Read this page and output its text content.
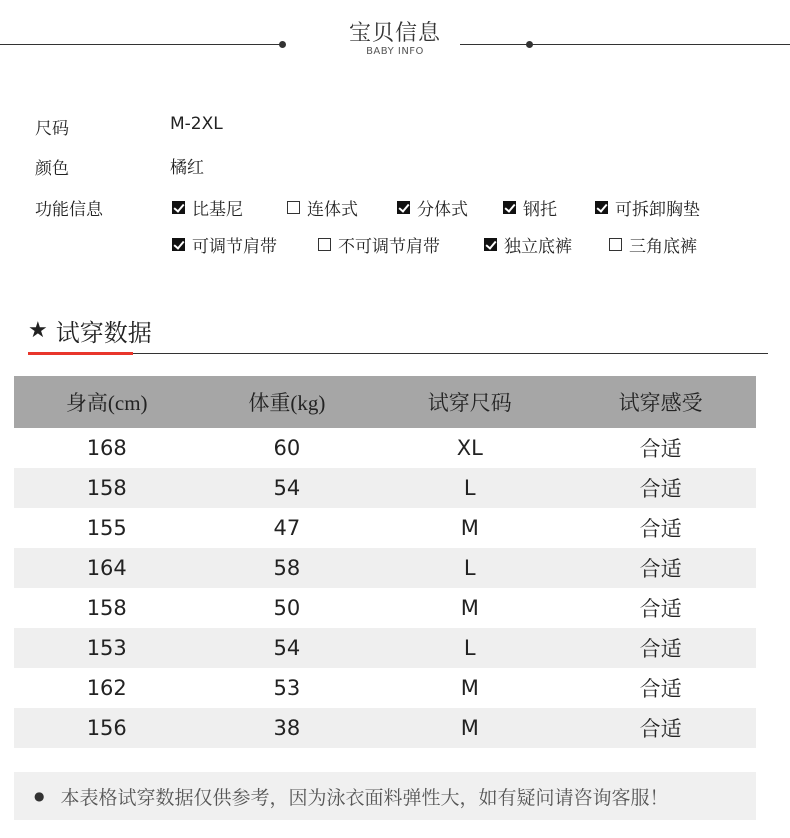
宝贝信息
BABY INFO
尺码	M-2XL
颜色	橘红
功能信息	比基尼	连体式	分体式	钢托	可拆卸胸垫
可调节肩带	不可调节肩带	独立底裤	三角底裤
★ 试穿数据
身高(cm)	体重(kg)	试穿尺码	试穿感受
168	60	XL	合适
158	54	L	合适
155	47	M	合适
164	58	L	合适
158	50	M	合适
153	54	L	合适
162	53	M	合适
156	38	M	合适
● 本表格试穿数据仅供参考，因为泳衣面料弹性大，如有疑问请咨询客服！
